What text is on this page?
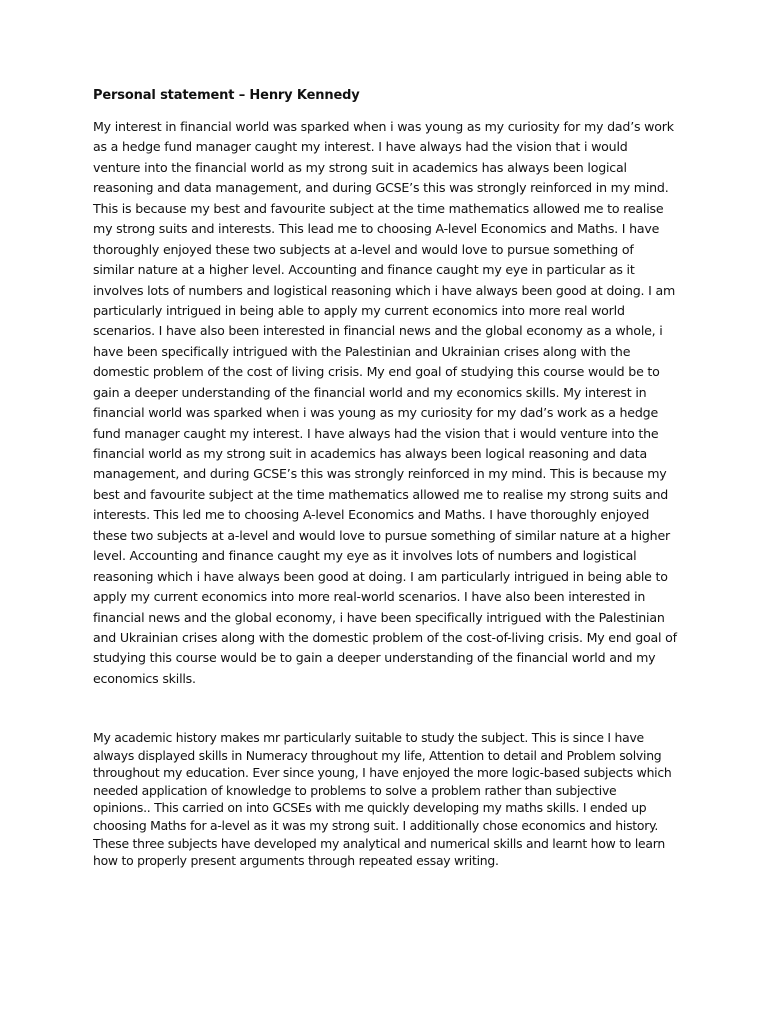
Personal statement – Henry Kennedy

My interest in financial world was sparked when i was young as my curiosity for my dad’s work as a hedge fund manager caught my interest. I have always had the vision that i would venture into the financial world as my strong suit in academics has always been logical reasoning and data management, and during GCSE’s this was strongly reinforced in my mind. This is because my best and favourite subject at the time mathematics allowed me to realise my strong suits and interests. This lead me to choosing A-level Economics and Maths. I have thoroughly enjoyed these two subjects at a-level and would love to pursue something of similar nature at a higher level. Accounting and finance caught my eye in particular as it involves lots of numbers and logistical reasoning which i have always been good at doing. I am particularly intrigued in being able to apply my current economics into more real world scenarios. I have also been interested in financial news and the global economy as a whole, i have been specifically intrigued with the Palestinian and Ukrainian crises along with the domestic problem of the cost of living crisis. My end goal of studying this course would be to gain a deeper understanding of the financial world and my economics skills. My interest in financial world was sparked when i was young as my curiosity for my dad’s work as a hedge fund manager caught my interest. I have always had the vision that i would venture into the financial world as my strong suit in academics has always been logical reasoning and data management, and during GCSE’s this was strongly reinforced in my mind. This is because my best and favourite subject at the time mathematics allowed me to realise my strong suits and interests. This led me to choosing A-level Economics and Maths. I have thoroughly enjoyed these two subjects at a-level and would love to pursue something of similar nature at a higher level. Accounting and finance caught my eye as it involves lots of numbers and logistical reasoning which i have always been good at doing. I am particularly intrigued in being able to apply my current economics into more real-world scenarios. I have also been interested in financial news and the global economy, i have been specifically intrigued with the Palestinian and Ukrainian crises along with the domestic problem of the cost-of-living crisis. My end goal of studying this course would be to gain a deeper understanding of the financial world and my economics skills.

My academic history makes mr particularly suitable to study the subject. This is since I have always displayed skills in Numeracy throughout my life, Attention to detail and Problem solving throughout my education. Ever since young, I have enjoyed the more logic-based subjects which needed application of knowledge to problems to solve a problem rather than subjective opinions.. This carried on into GCSEs with me quickly developing my maths skills. I ended up choosing Maths for a-level as it was my strong suit. I additionally chose economics and history. These three subjects have developed my analytical and numerical skills and learnt how to learn how to properly present arguments through repeated essay writing.
